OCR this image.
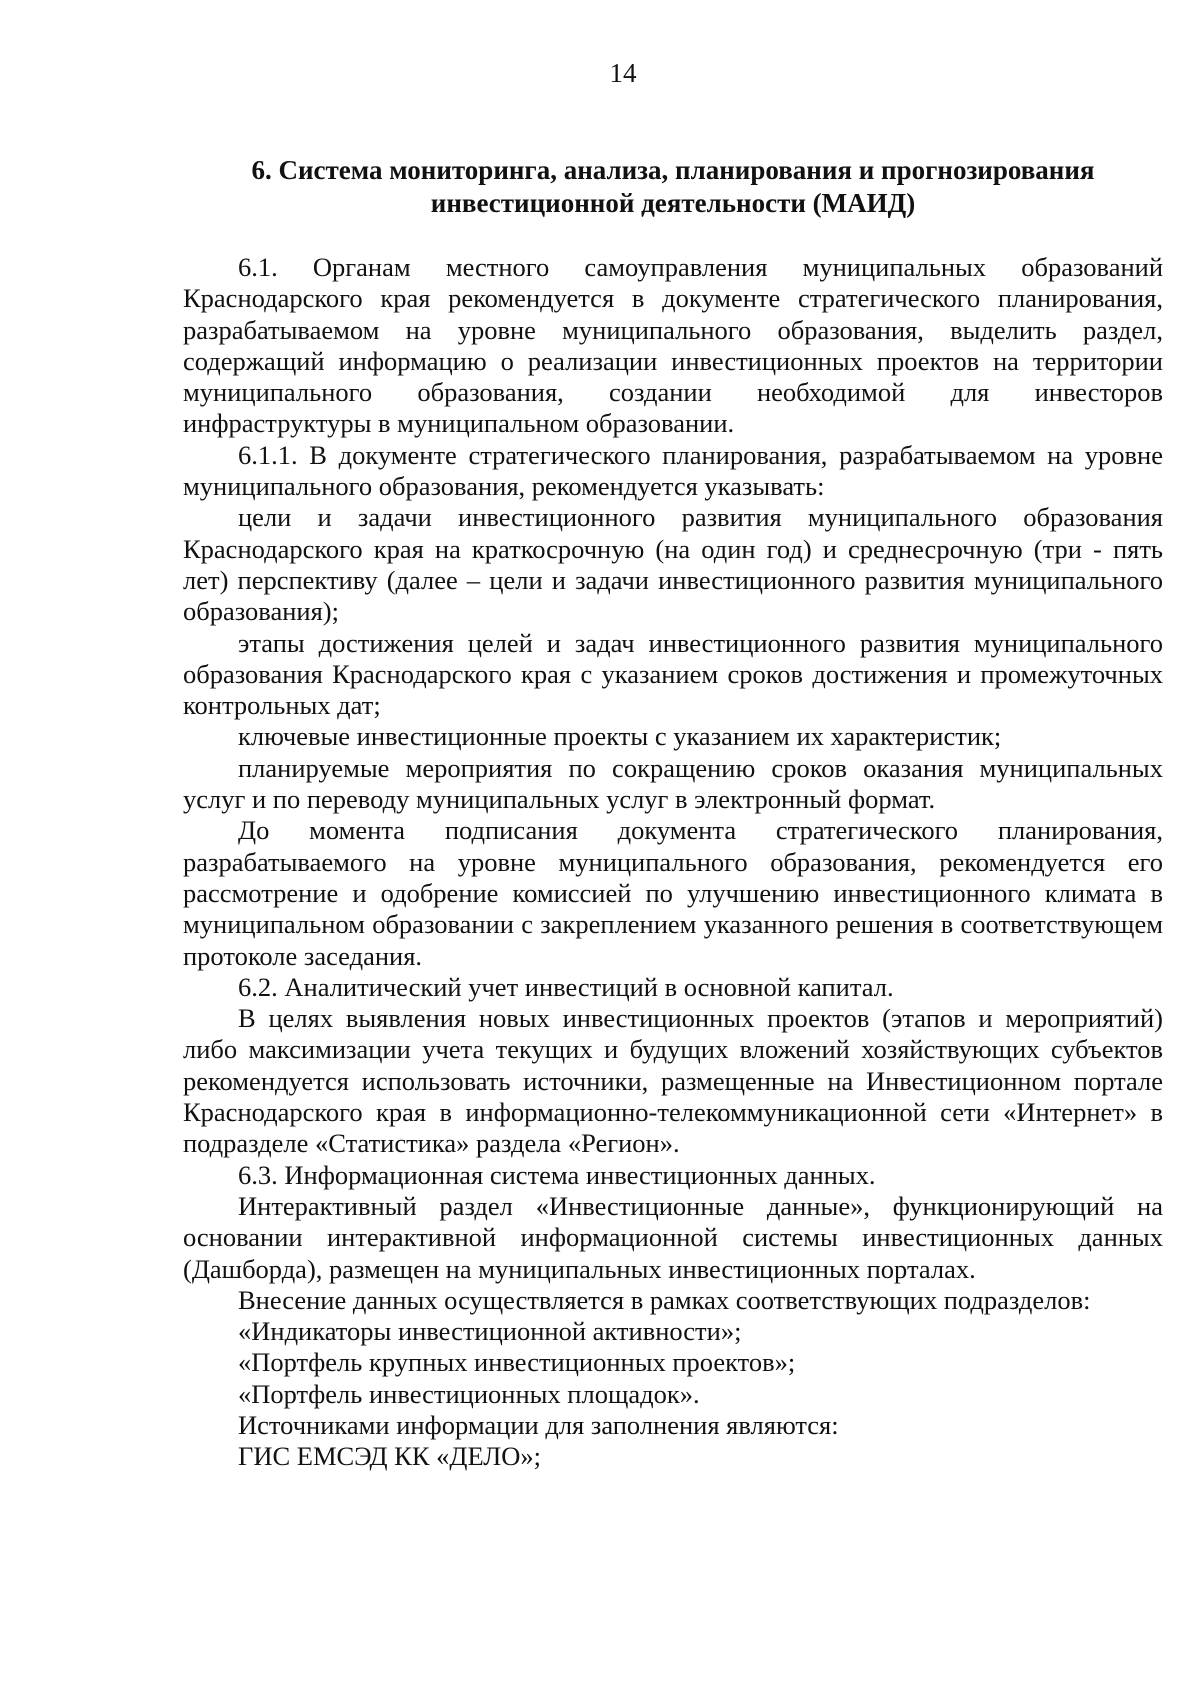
14
6. Система мониторинга, анализа, планирования и прогнозирования
инвестиционной деятельности (МАИД)

6.1. Органам местного самоуправления муниципальных образований Краснодарского края рекомендуется в документе стратегического планирования, разрабатываемом на уровне муниципального образования, выделить раздел, содержащий информацию о реализации инвестиционных проектов на территории муниципального образования, создании необходимой для инвесторов инфраструктуры в муниципальном образовании.

6.1.1. В документе стратегического планирования, разрабатываемом на уровне муниципального образования, рекомендуется указывать:

цели и задачи инвестиционного развития муниципального образования Краснодарского края на краткосрочную (на один год) и среднесрочную (три - пять лет) перспективу (далее – цели и задачи инвестиционного развития муниципального образования);

этапы достижения целей и задач инвестиционного развития муниципального образования Краснодарского края с указанием сроков достижения и промежуточных контрольных дат;

ключевые инвестиционные проекты с указанием их характеристик;

планируемые мероприятия по сокращению сроков оказания муниципальных услуг и по переводу муниципальных услуг в электронный формат.

До момента подписания документа стратегического планирования, разрабатываемого на уровне муниципального образования, рекомендуется его рассмотрение и одобрение комиссией по улучшению инвестиционного климата в муниципальном образовании с закреплением указанного решения в соответствующем протоколе заседания.

6.2. Аналитический учет инвестиций в основной капитал.

В целях выявления новых инвестиционных проектов (этапов и мероприятий) либо максимизации учета текущих и будущих вложений хозяйствующих субъектов рекомендуется использовать источники, размещенные на Инвестиционном портале Краснодарского края в информационно-телекоммуникационной сети «Интернет» в подразделе «Статистика» раздела «Регион».

6.3. Информационная система инвестиционных данных.

Интерактивный раздел «Инвестиционные данные», функционирующий на основании интерактивной информационной системы инвестиционных данных (Дашборда), размещен на муниципальных инвестиционных порталах.

Внесение данных осуществляется в рамках соответствующих подразделов:

«Индикаторы инвестиционной активности»;

«Портфель крупных инвестиционных проектов»;

«Портфель инвестиционных площадок».

Источниками информации для заполнения являются:

ГИС ЕМСЭД КК «ДЕЛО»;
